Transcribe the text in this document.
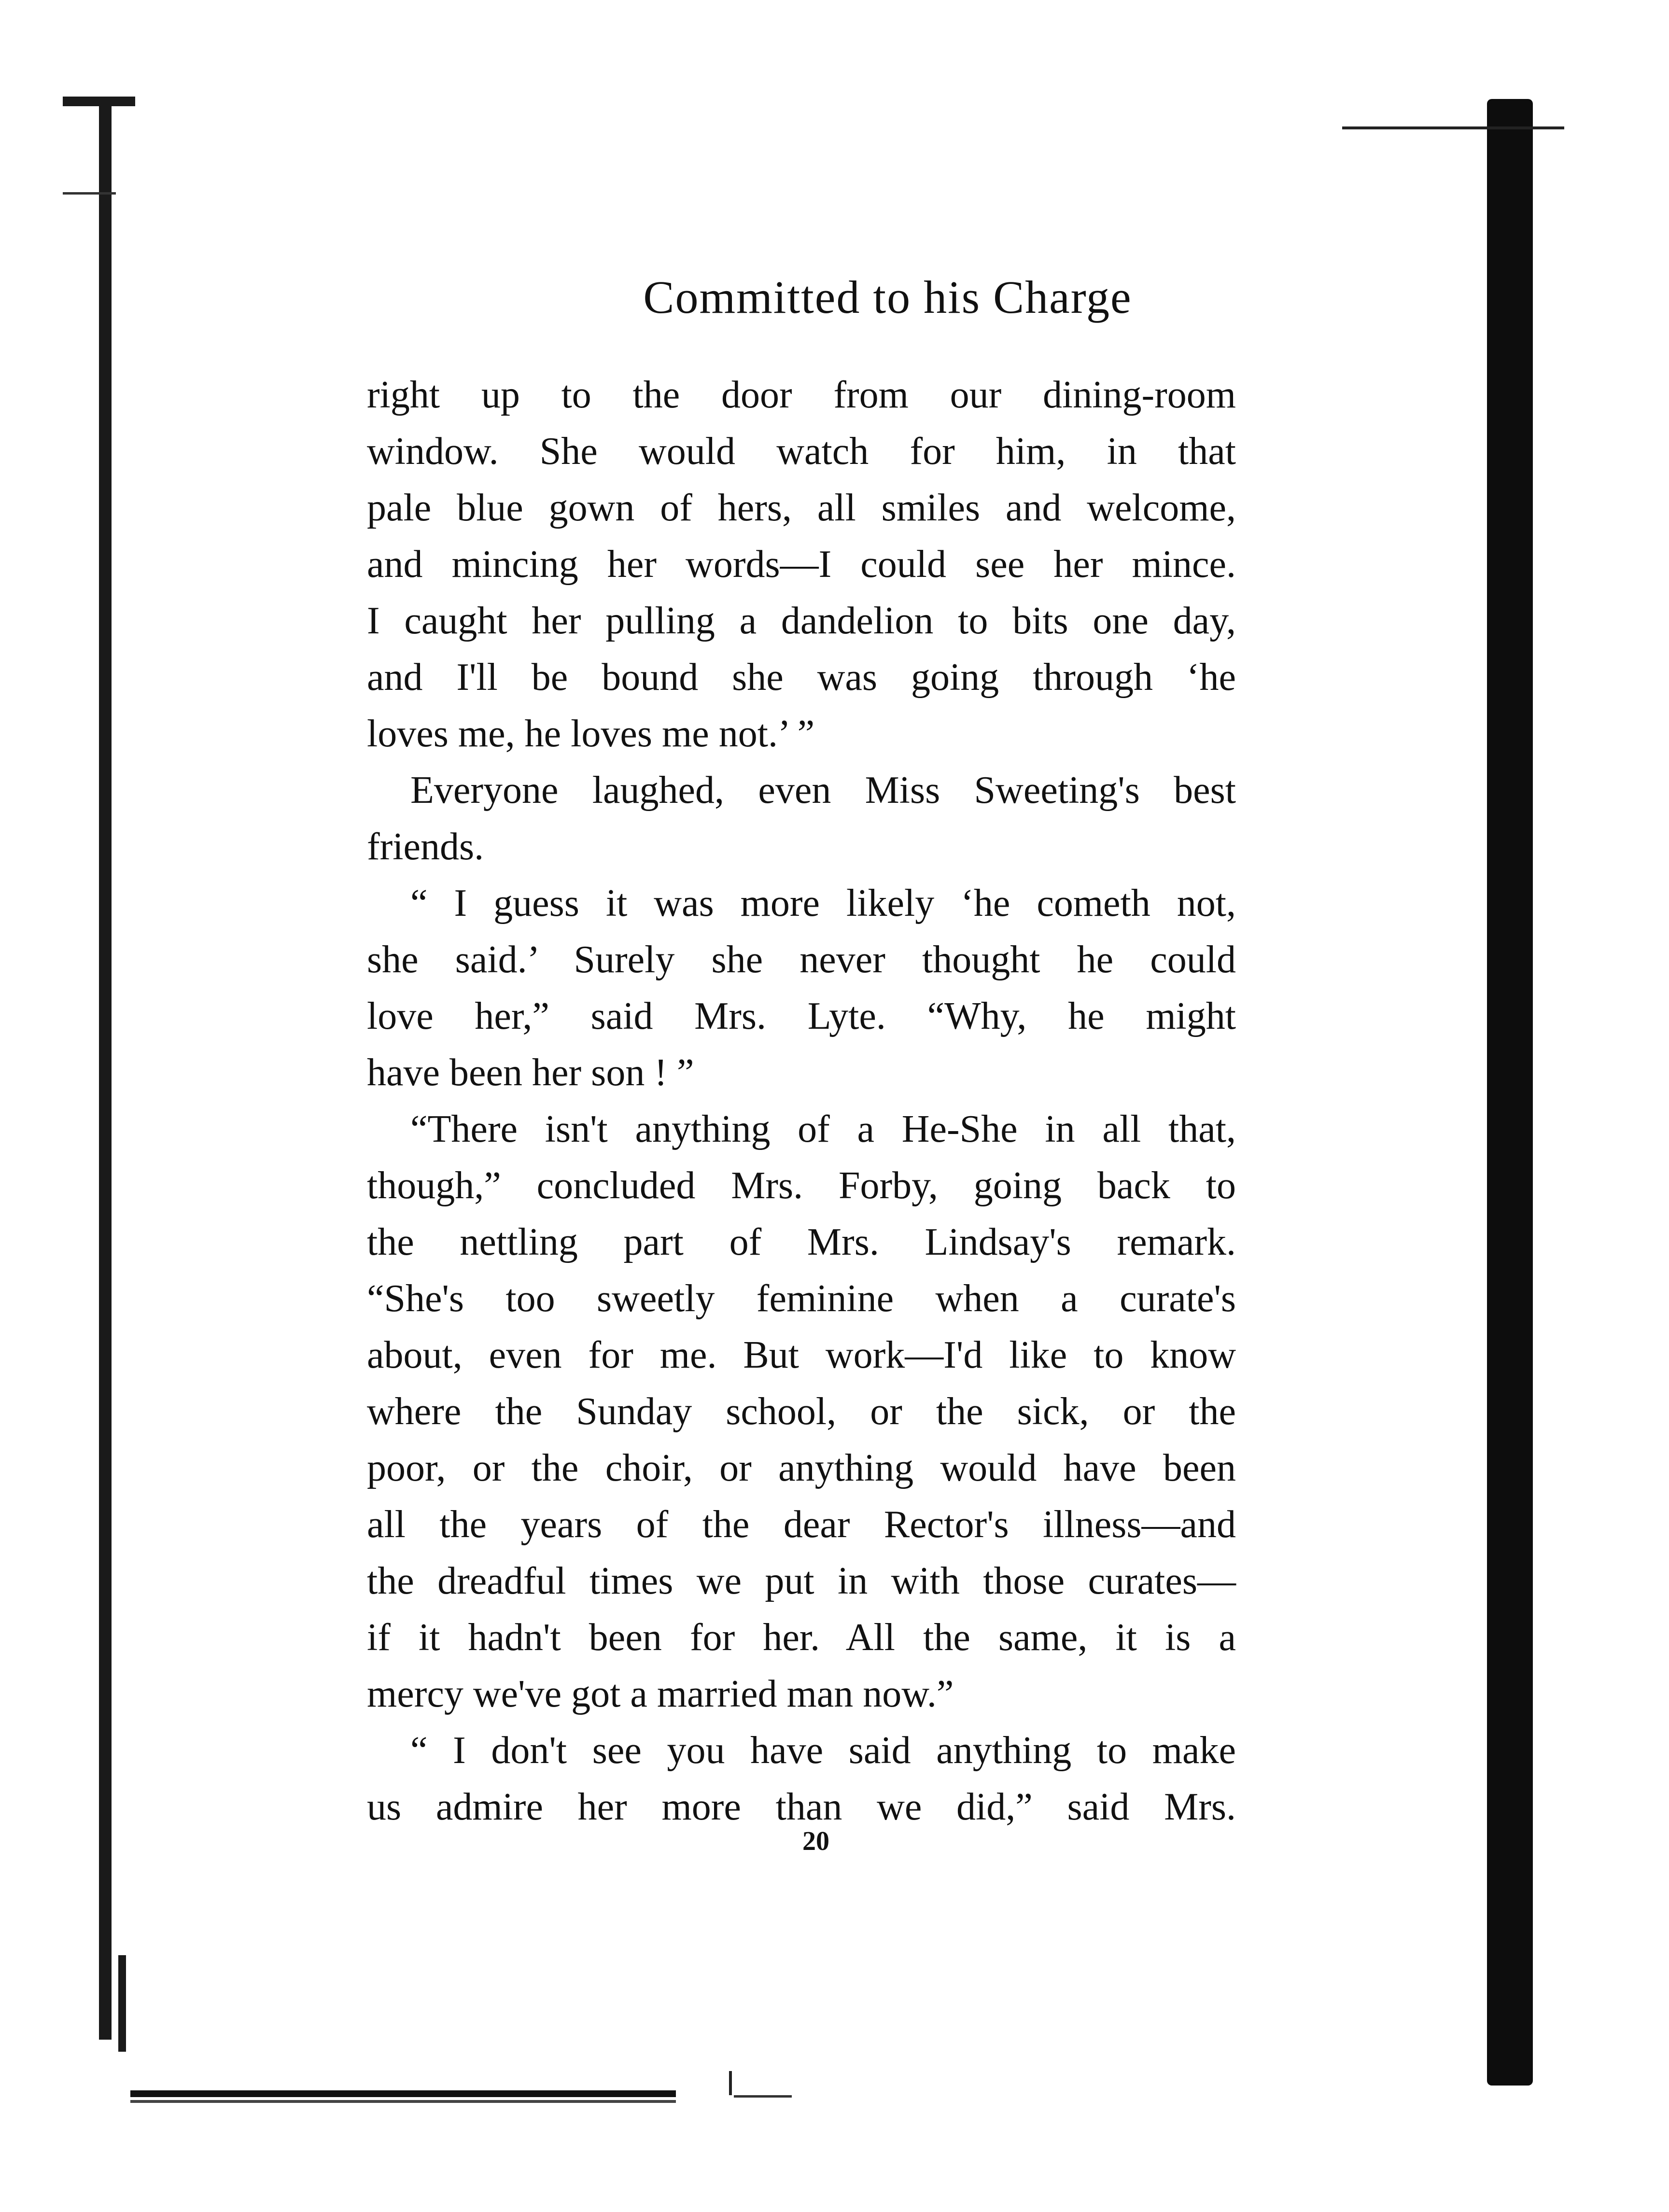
Committed to his Charge
right up to the door from our dining-room
window. She would watch for him, in that
pale blue gown of hers, all smiles and welcome,
and mincing her words—I could see her mince.
I caught her pulling a dandelion to bits one day,
and I'll be bound she was going through ‘he
loves me, he loves me not.’ ”
Everyone laughed, even Miss Sweeting's best
friends.
“ I guess it was more likely ‘he cometh not,
she said.’ Surely she never thought he could
love her,” said Mrs. Lyte. “Why, he might
have been her son ! ”
“There isn't anything of a He-She in all that,
though,” concluded Mrs. Forby, going back to
the nettling part of Mrs. Lindsay's remark.
“She's too sweetly feminine when a curate's
about, even for me. But work—I'd like to know
where the Sunday school, or the sick, or the
poor, or the choir, or anything would have been
all the years of the dear Rector's illness—and
the dreadful times we put in with those curates—
if it hadn't been for her. All the same, it is a
mercy we've got a married man now.”
“ I don't see you have said anything to make
us admire her more than we did,” said Mrs.
20
